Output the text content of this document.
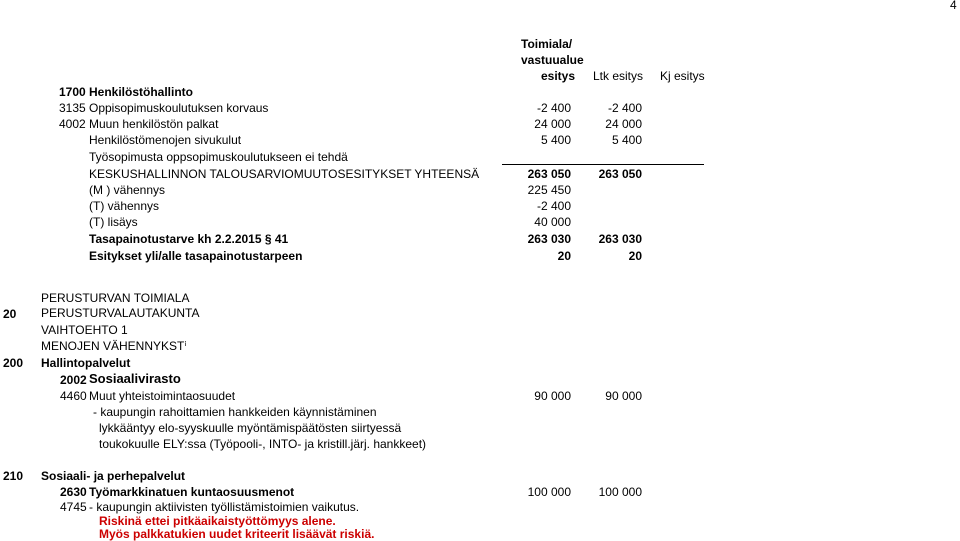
4
Toimiala/
vastuualue
esitys Ltk esitys Kj esitys
1700 Henkilöstöhallinto
3135 Oppisopimuskoulutuksen korvaus	-2 400	-2 400
4002 Muun henkilöstön palkat	24 000	24 000
Henkilöstömenojen sivukulut	5 400	5 400
Työsopimusta oppsopimuskoulutukseen ei tehdä
KESKUSHALLINNON TALOUSARVIOMUUTOSESITYKSET YHTEENSÄ	263 050	263 050
(M ) vähennys	225 450
(T) vähennys	-2 400
(T) lisäys	40 000
Tasapainotustarve kh 2.2.2015 § 41	263 030	263 030
Esitykset yli/alle tasapainotustarpeen	20	20
PERUSTURVAN TOIMIALA
20 PERUSTURVALAUTAKUNTA
VAIHTOEHTO 1
MENOJEN VÄHENNYKSTⁱ
200 Hallintopalvelut
2002 Sosiaalivirasto
4460 Muut yhteistoimintaosuudet	90 000	90 000
- kaupungin rahoittamien hankkeiden käynnistäminen
lykkääntyy elo-syyskuulle myöntämispäätösten siirtyessä
toukokuulle ELY:ssa (Työpooli-, INTO- ja kristill.järj. hankkeet)
210 Sosiaali- ja perhepalvelut
2630 Työmarkkinatuen kuntaosuusmenot	100 000	100 000
4745 - kaupungin aktiivisten työllistämistoimien vaikutus.
Riskinä ettei pitkäaikaistyöttömyys alene.
Myös palkkatukien uudet kriteerit lisäävät riskiä.
